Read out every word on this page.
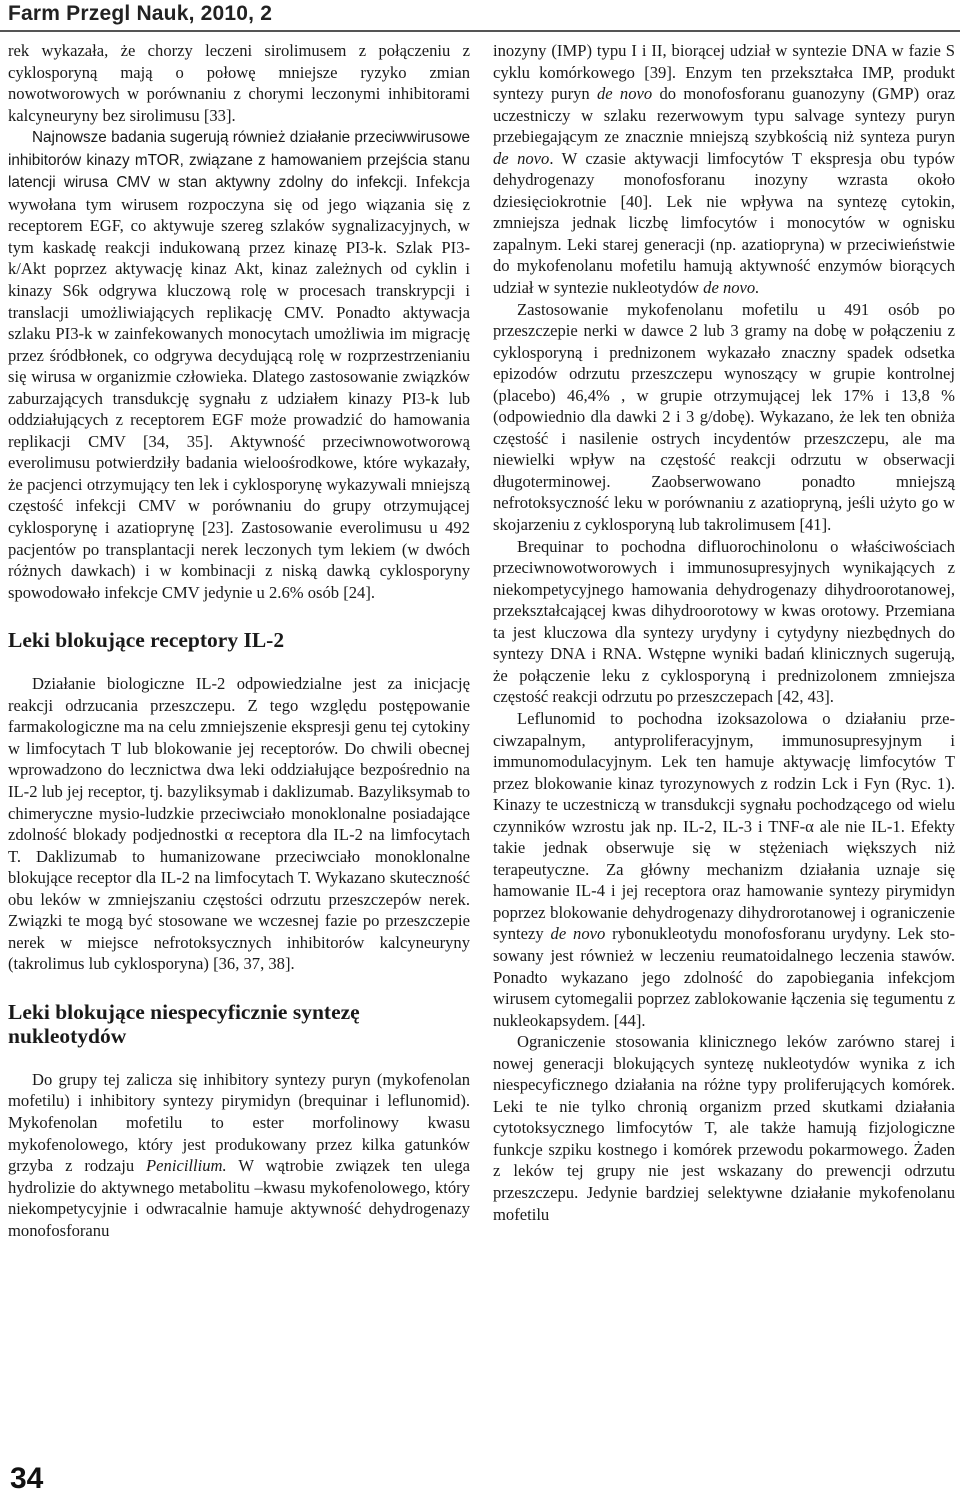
Farm Przegl Nauk, 2010, 2

rek wykazała, że chorzy leczeni sirolimusem z połączeniu z cyklosporyną mają o połowę mniejsze ryzyko zmian nowotworowych w porównaniu z chorymi leczonymi inhibitorami kalcyneuryny bez sirolimusu [33].

Najnowsze badania sugerują również działanie przeciwwirusowe inhibitorów kinazy mTOR, związane z hamowaniem przejścia stanu latencji wirusa CMV w stan aktywny zdolny do infekcji. Infekcja wywołana tym wirusem rozpoczyna się od jego wiązania się z receptorem EGF, co aktywuje szereg szlaków sygnalizacyjnych, w tym kaskadę reakcji indukowaną przez kinazę PI3-k. Szlak PI3-k/Akt poprzez aktywację kinaz Akt, kinaz zależnych od cyklin i kinazy S6k odgrywa kluczową rolę w procesach transkrypcji i translacji umożliwiających replikację CMV. Ponadto aktywacja szlaku PI3-k w zainfekowanych monocytach umożliwia im migrację przez śródbłonek, co odgrywa decydującą rolę w rozprzestrzenianiu się wirusa w organizmie człowieka. Dlatego zastosowanie związków zaburzających transdukcję sygnału z udziałem kinazy PI3-k lub oddziałujących z receptorem EGF może prowadzić do hamowania replikacji CMV [34, 35]. Aktywność przeciwnowotworową everolimusu potwierdziły badania wieloośrodkowe, które wykazały, że pacjenci otrzymujący ten lek i cyklosporynę wykazywali mniejszą częstość infekcji CMV w porównaniu do grupy otrzymującej cyklosporynę i azatioprynę [23]. Zastosowanie everolimusu u 492 pacjentów po transplantacji nerek leczonych tym lekiem (w dwóch różnych dawkach) i w kombinacji z niską dawką cyklosporyny spowodowało infekcje CMV jedynie u 2.6% osób [24].

Leki blokujące receptory IL-2

Działanie biologiczne IL-2 odpowiedzialne jest za inicjację reakcji odrzucania przeszczepu. Z tego względu postępowanie farmakologiczne ma na celu zmniejszenie ekspresji genu tej cytokiny w limfocytach T lub blokowanie jej receptorów. Do chwili obecnej wprowadzono do lecznictwa dwa leki oddziałujące bezpośrednio na IL-2 lub jej receptor, tj. bazyliksymab i daklizumab. Bazyliksymab to chimeryczne mysio-ludzkie przeciwciało monoklonalne posiadające zdolność blokady podjednostki α receptora dla IL-2 na limfocytach T. Daklizumab to humanizowane przeciwciało monoklonalne blokujące receptor dla IL-2 na limfocytach T. Wykazano skuteczność obu leków w zmniejszaniu częstości odrzutu przeszczepów nerek. Związki te mogą być stosowane we wczesnej fazie po przeszczepie nerek w miejsce nefrotoksycznych inhibitorów kalcyneuryny (takrolimus lub cyklosporyna) [36, 37, 38].

Leki blokujące niespecyficznie syntezę nukleotydów

Do grupy tej zalicza się inhibitory syntezy puryn (mykofenolan mofetilu) i inhibitory syntezy pirymidyn (brequinar i leflunomid). Mykofenolan mofetilu to ester morfolinowy kwasu mykofenolowego, który jest produkowany przez kilka gatunków grzyba z rodzaju Penicillium. W wątrobie związek ten ulega hydrolizie do aktywnego metabolitu –kwasu mykofenolowego, który niekompetycyjnie i odwracalnie hamuje aktywność dehydrogenazy monofosforanu

inozyny (IMP) typu I i II, biorącej udział w syntezie DNA w fazie S cyklu komórkowego [39]. Enzym ten przekształca IMP, produkt syntezy puryn de novo do monofosforanu guanozyny (GMP) oraz uczestniczy w szlaku rezerwowym typu salvage syntezy puryn przebiegającym ze znacznie mniejszą szybkością niż synteza puryn de novo. W czasie aktywacji limfocytów T ekspresja obu typów dehydrogenazy monofosforanu inozyny wzrasta około dziesięciokrotnie [40]. Lek nie wpływa na syntezę cytokin, zmniejsza jednak liczbę limfocytów i monocytów w ognisku zapalnym. Leki starej generacji (np. azatiopryna) w przeciwieństwie do mykofenolanu mofetilu hamują aktywność enzymów biorących udział w syntezie nukleotydów de novo.

Zastosowanie mykofenolanu mofetilu u 491 osób po przeszczepie nerki w dawce 2 lub 3 gramy na dobę w połączeniu z cyklosporyną i prednizonem wykazało znaczny spadek odsetka epizodów odrzutu przeszczepu wynoszący w grupie kontrolnej (placebo) 46,4% , w grupie otrzymującej lek 17% i 13,8 % (odpowiednio dla dawki 2 i 3 g/dobę). Wykazano, że lek ten obniża częstość i nasilenie ostrych incydentów przeszczepu, ale ma niewielki wpływ na częstość reakcji odrzutu w obserwacji długoterminowej. Zaobserwowano ponadto mniejszą nefrotoksyczność leku w porównaniu z azatiopryną, jeśli użyto go w skojarzeniu z cyklosporyną lub takrolimusem [41].

Brequinar to pochodna difluorochinolonu o właściwościach przeciwnowotworowych i immunosupresyjnych wynikających z niekompetycyjnego hamowania dehydrogenazy dihydroorotanowej, przekształcającej kwas dihydroorotowy w kwas orotowy. Przemiana ta jest kluczowa dla syntezy urydyny i cytydyny niezbędnych do syntezy DNA i RNA. Wstępne wyniki badań klinicznych sugerują, że połączenie leku z cyklosporyną i prednizolonem zmniejsza częstość reakcji odrzutu po przeszczepach [42, 43].

Leflunomid to pochodna izoksazolowa o działaniu przeciwzapalnym, antyproliferacyjnym, immunosupresyjnym i immunomodulacyjnym. Lek ten hamuje aktywację limfocytów T przez blokowanie kinaz tyrozynowych z rodzin Lck i Fyn (Ryc. 1). Kinazy te uczestniczą w transdukcji sygnału pochodzącego od wielu czynników wzrostu jak np. IL-2, IL-3 i TNF-α ale nie IL-1. Efekty takie jednak obserwuje się w stężeniach większych niż terapeutyczne. Za główny mechanizm działania uznaje się hamowanie IL-4 i jej receptora oraz hamowanie syntezy pirymidyn poprzez blokowanie dehydrogenazy dihydrorotanowej i ograniczenie syntezy de novo rybonukleotydu monofosforanu urydyny. Lek stosowany jest również w leczeniu reumatoidalnego leczenia stawów. Ponadto wykazano jego zdolność do zapobiegania infekcjom wirusem cytomegalii poprzez zablokowanie łączenia się tegumentu z nukleokapsydem. [44].

Ograniczenie stosowania klinicznego leków zarówno starej i nowej generacji blokujących syntezę nukleotydów wynika z ich niespecyficznego działania na różne typy proliferujących komórek. Leki te nie tylko chronią organizm przed skutkami działania cytotoksycznego limfocytów T, ale także hamują fizjologiczne funkcje szpiku kostnego i komórek przewodu pokarmowego. Żaden z leków tej grupy nie jest wskazany do prewencji odrzutu przeszczepu. Jedynie bardziej selektywne działanie mykofenolanu mofetilu

34
